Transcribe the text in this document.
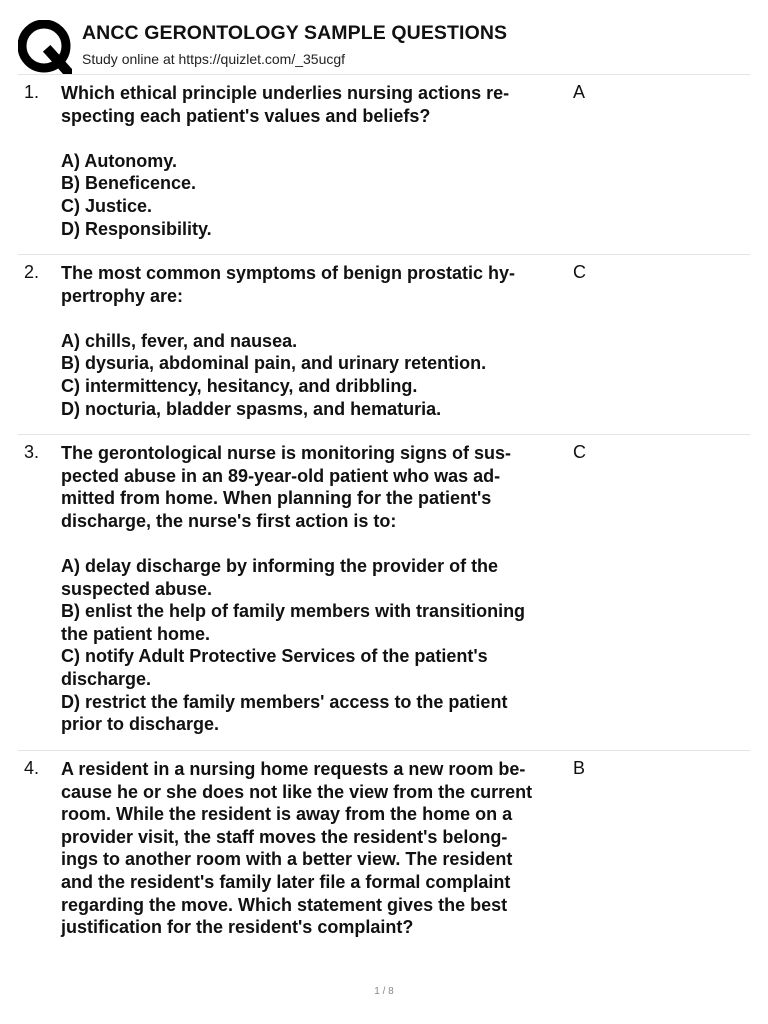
ANCC GERONTOLOGY SAMPLE QUESTIONS
Study online at https://quizlet.com/_35ucgf
1. Which ethical principle underlies nursing actions re-
specting each patient's values and beliefs?
A) Autonomy.
B) Beneficence.
C) Justice.
D) Responsibility.
A
2. The most common symptoms of benign prostatic hy-
pertrophy are:
A) chills, fever, and nausea.
B) dysuria, abdominal pain, and urinary retention.
C) intermittency, hesitancy, and dribbling.
D) nocturia, bladder spasms, and hematuria.
C
3. The gerontological nurse is monitoring signs of sus-
pected abuse in an 89-year-old patient who was ad-
mitted from home. When planning for the patient's
discharge, the nurse's first action is to:
A) delay discharge by informing the provider of the
suspected abuse.
B) enlist the help of family members with transitioning
the patient home.
C) notify Adult Protective Services of the patient's
discharge.
D) restrict the family members' access to the patient
prior to discharge.
C
4. A resident in a nursing home requests a new room be-
cause he or she does not like the view from the current
room. While the resident is away from the home on a
provider visit, the staff moves the resident's belong-
ings to another room with a better view. The resident
and the resident's family later file a formal complaint
regarding the move. Which statement gives the best
justification for the resident's complaint?
B
1 / 8
